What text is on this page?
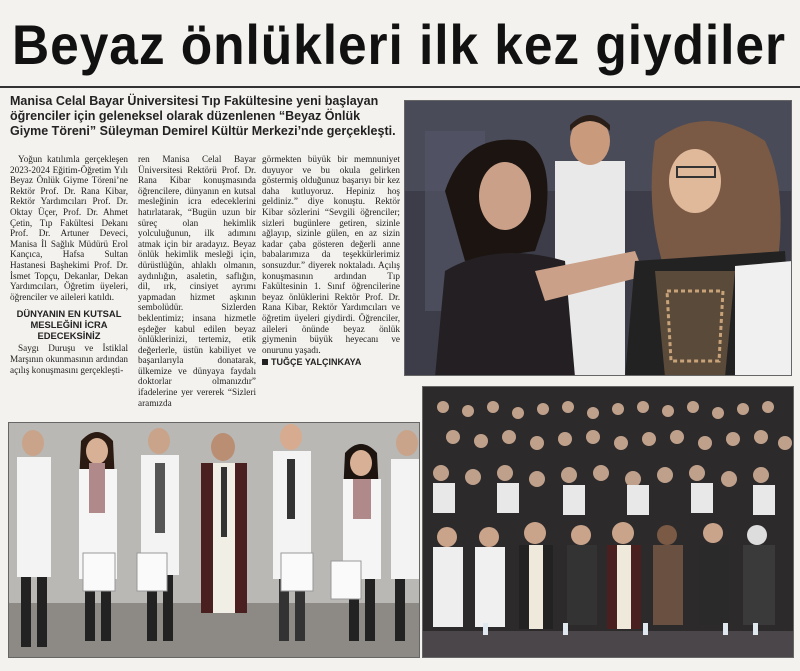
Beyaz önlükleri ilk kez giydiler
Manisa Celal Bayar Üniversitesi Tıp Fakültesine yeni başlayan öğrenciler için geleneksel olarak düzenlenen “Beyaz Önlük Giyme Töreni” Süleyman Demirel Kültür Merkezi’nde gerçekleşti.

Yoğun katılımla gerçekleşen 2023-2024 Eğitim-Öğretim Yılı Beyaz Önlük Giyme Töreni’ne Rektör Prof. Dr. Rana Kibar, Rektör Yardımcıları Prof. Dr. Oktay Üçer, Prof. Dr. Ahmet Çetin, Tıp Fakültesi Dekanı Prof. Dr. Artuner Deveci, Manisa İl Sağlık Müdürü Erol Kançıca, Hafsa Sultan Hastanesi Başhekimi Prof. Dr. İsmet Topçu, Dekanlar, Dekan Yardımcıları, Öğretim üyeleri, öğrenciler ve aileleri katıldı.

DÜNYANIN EN KUTSAL MESLEĞİNI İCRA EDECEKSİNİZ

Saygı Duruşu ve İstiklal Marşının okunmasının ardından açılış konuşmasını gerçekleşti-

ren Manisa Celal Bayar Üniversitesi Rektörü Prof. Dr. Rana Kibar konuşmasında öğrencilere, dünyanın en kutsal mesleğinin icra edeceklerini hatırlatarak, “Bugün uzun bir süreç olan hekimlik yolculuğunun, ilk adımını atmak için bir aradayız. Beyaz önlük hekimlik mesleği için, dürüstlüğün, ahlaklı olmanın, aydınlığın, asaletin, saflığın, dil, ırk, cinsiyet ayrımı yapmadan hizmet aşkının sembolüdür. Sizlerden beklentimiz; insana hizmetle eşdeğer kabul edilen beyaz önlüklerinizi, tertemiz, etik değerlerle, üstün kabiliyet ve başarılarıyla donatarak, ülkemize ve dünyaya faydalı doktorlar olmanızdır” ifadelerine yer vererek “Sizleri aramızda

görmekten büyük bir memnuniyet duyuyor ve bu okula gelirken göstermiş olduğunuz başarıyı bir kez daha kutluyoruz. Hepiniz hoş geldiniz.” diye konuştu. Rektör Kibar sözlerini “Sevgili öğrenciler; sizleri bugünlere getiren, sizinle ağlayıp, sizinle gülen, en az sizin kadar çaba gösteren değerli anne babalarımıza da teşekkürlerimiz sonsuzdur.” diyerek noktaladı. Açılış konuşmasının ardından Tıp Fakültesinin 1. Sınıf öğrencilerine beyaz önlüklerini Rektör Prof. Dr. Rana Kibar, Rektör Yardımcıları ve öğretim üyeleri giydirdi. Öğrenciler, aileleri önünde beyaz önlük giymenin büyük heyecanı ve onurunu yaşadı.

TUĞÇE YALÇINKAYA
